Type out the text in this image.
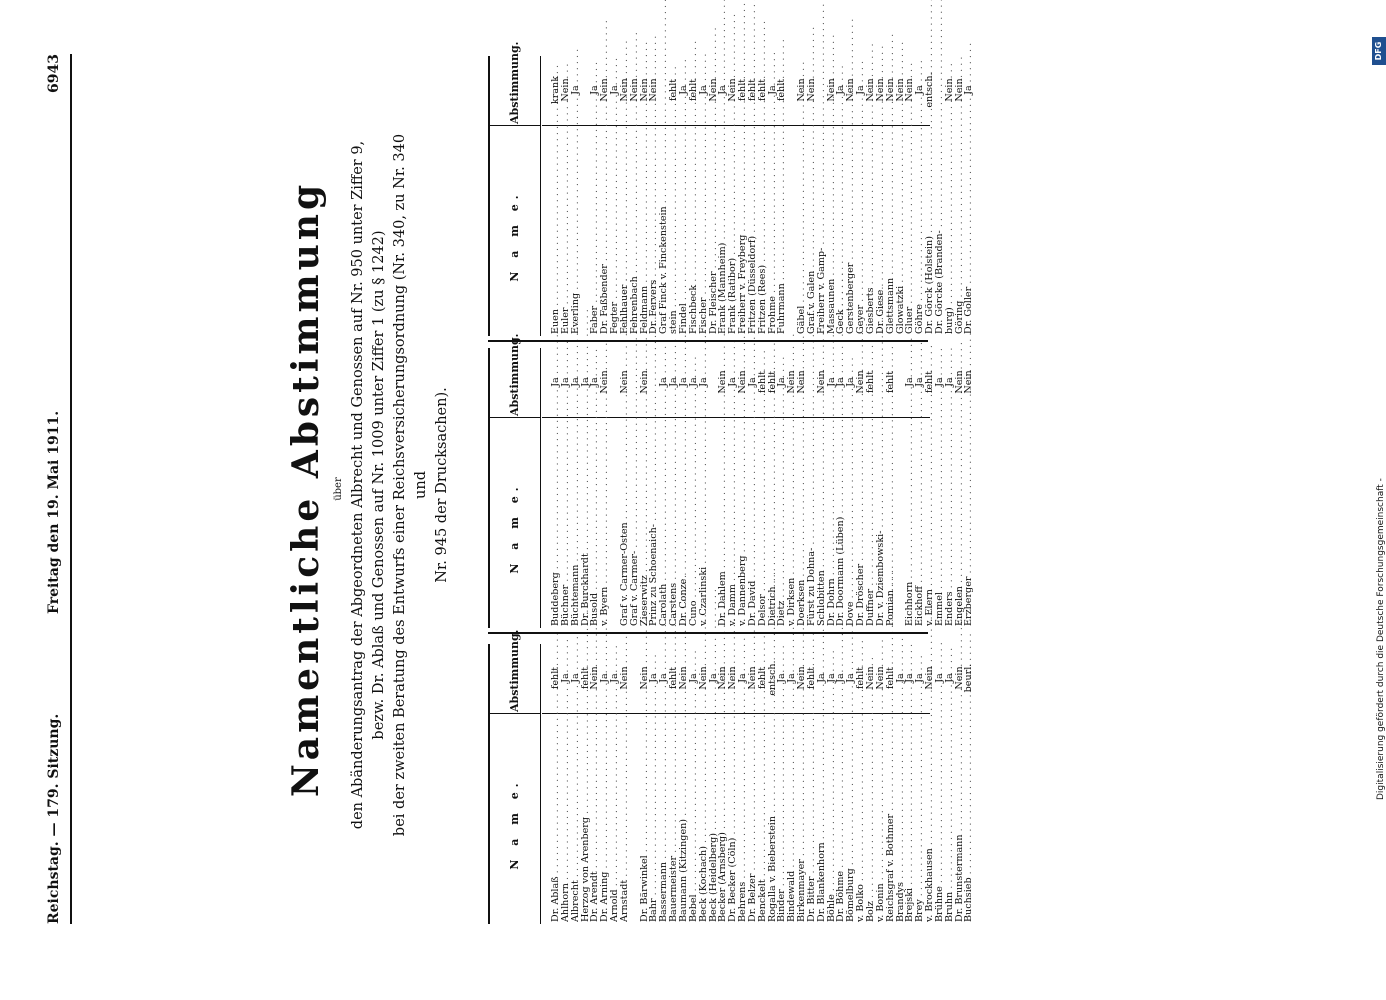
Reichstag. — 179. Sitzung.
Freitag den 19. Mai 1911.
6943
Namentliche Abstimmung über den Abänderungsantrag der Abgeordneten Albrecht und Genossen auf Nr. 950 unter Ziffer 9, bezw. Dr. Ablaß und Genossen auf Nr. 1009 unter Ziffer 1 (zu § 1242) bei der zweiten Beratung des Entwurfs einer Reichsversicherungsordnung (Nr. 340, zu Nr. 340 und Nr. 945 der Drucksachen).

N a m e.
Abstimmung.
Dr. Ablaß . . .
fehlt
Ahlhorn . . .
Ja
Albrecht . . .
Ja
Herzog von Arenberg . . .
fehlt
Dr. Arendt . . .
Nein
Dr. Arning . . .
Ja
Arnold . . .
Ja
Arnstadt . . .
Nein
Dr. Bärwinkel . . .
Nein
Bahr . . .
Ja
Bassermann . . .
Ja
Bauermeister . . .
fehlt
Baumann (Kitzingen) . . .
Nein
Bebel . . .
Ja
Beck (Kochach) . . .
Nein
Beck (Heidelberg) . . .
Ja
Becker (Arnsberg) . . .
Nein
Dr. Becker (Cöln) . . .
Nein
Behrens . . .
Ja
Dr. Belzer . . .
Nein
Benckelt . . .
fehlt
Rogalla v. Bieberstein . . .
entsch.
Binder . . .
Ja
Bindewald . . .
Ja
Birkenmayer . . .
Nein
Dr. Bitter . . .
fehlt
Dr. Blankenhorn . . .
Ja
Böhle . . .
Ja
Dr. Böhme . . .
Ja
Bömelburg . . .
Ja
v. Bolko . . .
fehlt
Bolz . . .
Nein
v. Bonin . . .
Nein
Reichsgraf v. Bothmer . . .
fehlt
Brandys . . .
Ja
Brejski . . .
Ja
Brey . . .
Ja
v. Brockhausen . . .
Nein
Brühne . . .
Ja
Bruhn . . .
Ja
Dr. Brunstermann . . .
Nein
Buchsieb . . .
beurl.
N a m e.
Abstimmung.
Buddeberg . . .
Ja
Büchner . . .
Ja
Büchtemann . . .
Ja
Dr. Burckhardt . . .
Ja
Busold . . .
Ja
v. Byern . . .
Nein
Graf v. Carmer-Osten . . .
Nein
Graf v. Carmer- . . .
Zieserwitz . . .
Nein
Prinz zu Schoenaich- . . .
Carolath . . .
Ja
Carstens . . .
Ja
Dr. Conze . . .
Ja
Cuno . . .
Ja
v. Czarlinski . . .
Ja
Dr. Dahlem . . .
Nein
v. Damm . . .
Ja
v. Dannenberg . . .
Nein
Dr. David . . .
Ja
Delsor . . .
fehlt
Dietrich . . .
fehlt
Dietz . . .
Ja
v. Dirksen . . .
Nein
Doerksen . . .
Nein
Fürst zu Dohna- . . .
Schlobitten . . .
Nein
Dr. Dohrn . . .
Ja
Dr. Doormann (Lüben) . . .
Ja
Dove . . .
Ja
Dr. Dröscher . . .
Nein
Duffner . . .
fehlt
Dr. v. Dziembowski- . . .
Pomian . . .
fehlt
Eichhorn . . .
Ja
Eickhoff . . .
Ja
v. Elern . . .
fehlt
Emmel . . .
Ja
Enders . . .
Ja
Engelen . . .
Nein
Erzberger . . .
Nein
N a m e.
Abstimmung.
Euen . . .
krank
Euler . . .
Nein
Everling . . .
Ja
Faber . . .
Ja
Dr. Faßbender . . .
Nein
Fegter . . .
Ja
Fehlhauer . . .
Nein
Fehrenbach . . .
Nein
Feldmann . . .
Nein
Dr. Fervers . . .
Nein
Graf Finck v. Finckenstein . . .
stein . . .
fehlt
Findel . . .
Ja
Fischbeck . . .
fehlt
Fischer . . .
Ja
Dr. Fleischer . . .
Nein
Frank (Mannheim) . . .
Ja
Frank (Ratibor) . . .
Nein
Freiherr v. Freyberg . . .
fehlt
Fritzen (Düsseldorf) . . .
fehlt
Fritzen (Rees) . . .
fehlt
Frohme . . .
Ja
Fuhrmann . . .
fehlt
Gäbel . . .
Nein
Graf v. Galen . . .
Nein
Freiherr v. Gamp- . . .
Massaunen . . .
Nein
Geck . . .
Ja
Gerstenberger . . .
Nein
Geyer . . .
Ja
Giesberts . . .
Nein
Dr. Giese . . .
Nein
Glettsmann . . .
Nein
Glowatzki . . .
Nein
Gluer . . .
Nein
Göhre . . .
Ja
Dr. Görck (Holstein) . . .
entsch.
Dr. Görcke (Branden- . . .
burg) . . .
Nein
Göring . . .
Nein
Dr. Goller . . .
Ja
Digitalisierung gefördert durch die Deutsche Forschungsgemeinschaft -
DFG
